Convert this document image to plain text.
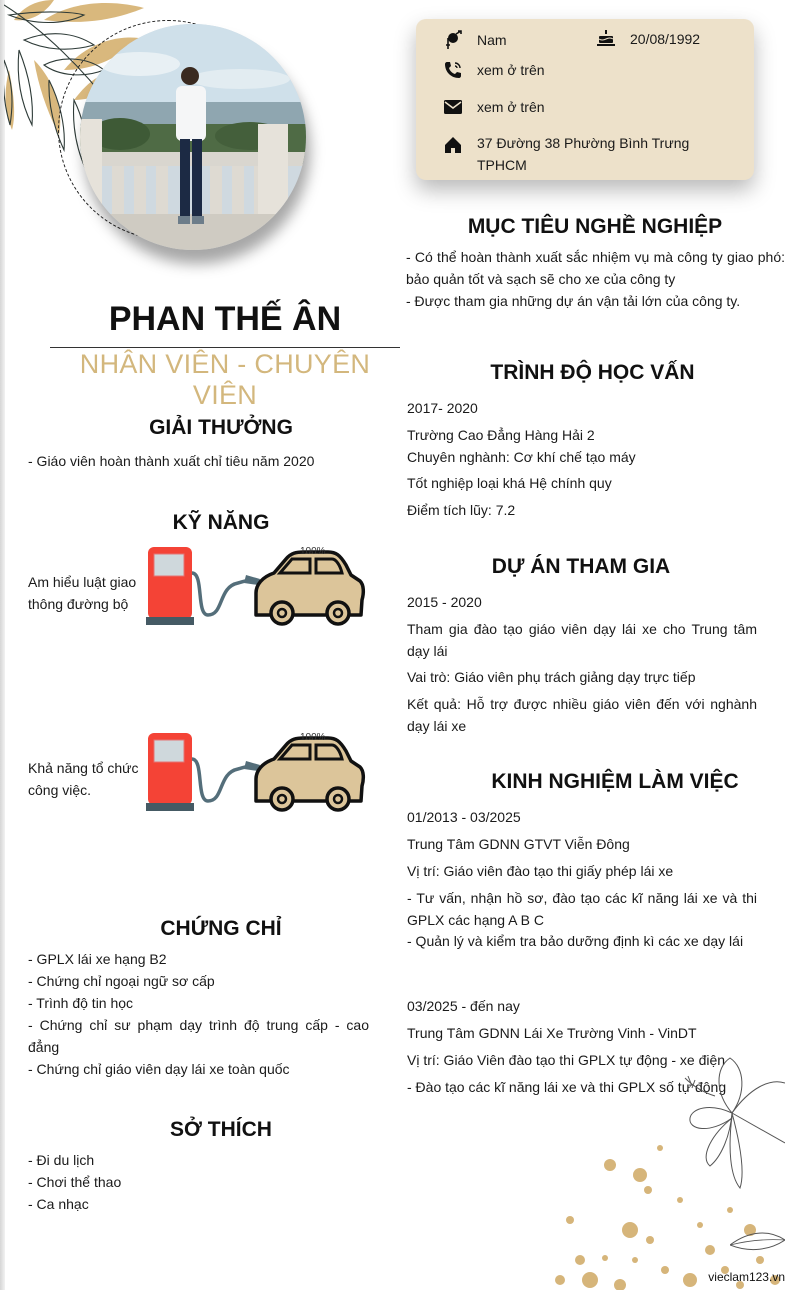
Nam	20/08/1992
xem ở trên
xem ở trên
37 Đường 38 Phường Bình Trưng
TPHCM
PHAN THẾ ÂN
NHÂN VIÊN - CHUYÊN VIÊN
GIẢI THƯỞNG
- Giáo viên hoàn thành xuất chỉ tiêu năm 2020
KỸ NĂNG
Am hiểu luật giao thông đường bộ
100%
Khả năng tổ chức công việc.
100%
CHỨNG CHỈ
- GPLX lái xe hạng B2
- Chứng chỉ ngoại ngữ sơ cấp
- Trình độ tin học
- Chứng chỉ sư phạm dạy trình độ trung cấp - cao đẳng
- Chứng chỉ giáo viên dạy lái xe toàn quốc
SỞ THÍCH
- Đi du lịch
- Chơi thể thao
- Ca nhạc
MỤC TIÊU NGHỀ NGHIỆP
- Có thể hoàn thành xuất sắc nhiệm vụ mà công ty giao phó: bảo quản tốt và sạch sẽ cho xe của công ty
- Được tham gia những dự án vận tải lớn của công ty.
TRÌNH ĐỘ HỌC VẤN
2017- 2020
Trường Cao Đẳng Hàng Hải 2
Chuyên nghành: Cơ khí chế tạo máy
Tốt nghiệp loại khá Hệ chính quy
Điểm tích lũy: 7.2
DỰ ÁN THAM GIA
2015 - 2020
Tham gia đào tạo giáo viên dạy lái xe cho Trung tâm dạy lái
Vai trò: Giáo viên phụ trách giảng dạy trực tiếp
Kết quả: Hỗ trợ được nhiều giáo viên đến với nghành dạy lái xe
KINH NGHIỆM LÀM VIỆC
01/2013 - 03/2025
Trung Tâm GDNN GTVT Viễn Đông
Vị trí: Giáo viên đào tạo thi giấy phép lái xe
- Tư vấn, nhận hồ sơ, đào tạo các kĩ năng lái xe và thi GPLX các hạng A B C
- Quản lý và kiểm tra bảo dưỡng định kì các xe dạy lái
03/2025 - đến nay
Trung Tâm GDNN Lái Xe Trường Vinh - VinDT
Vị trí: Giáo Viên đào tạo thi GPLX tự động - xe điện
- Đào tạo các kĩ năng lái xe và thi GPLX số tự động
vieclam123.vn
